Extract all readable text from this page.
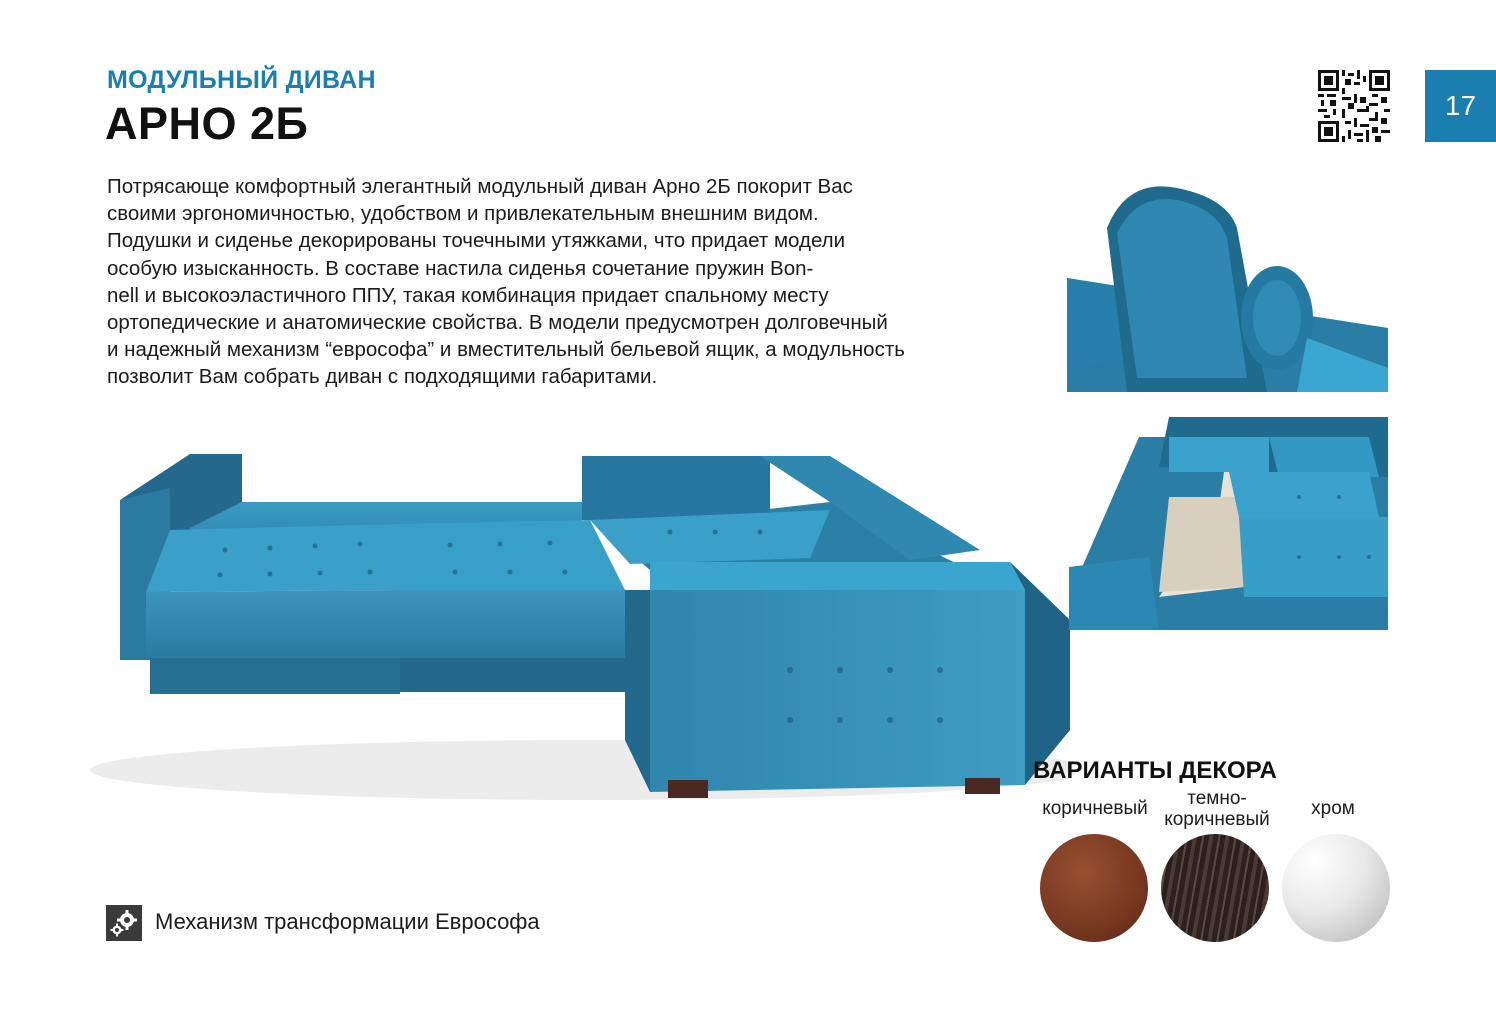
МОДУЛЬНЫЙ ДИВАН
АРНО 2Б
Потрясающе комфортный элегантный модульный диван Арно 2Б покорит Вас
своими эргономичностью, удобством и привлекательным внешним видом.
Подушки и сиденье декорированы точечными утяжками, что придает модели
особую изысканность. В составе настила сиденья сочетание пружин Bon-
nell и высокоэластичного ППУ, такая комбинация придает спальному месту
ортопедические и анатомические свойства. В модели предусмотрен долговечный
и надежный механизм “еврософа” и вместительный бельевой ящик, а модульность
позволит Вам собрать диван с подходящими габаритами.
17
ВАРИАНТЫ ДЕКОРА
коричневый	темно-
коричневый
хром
Механизм трансформации Еврософа
